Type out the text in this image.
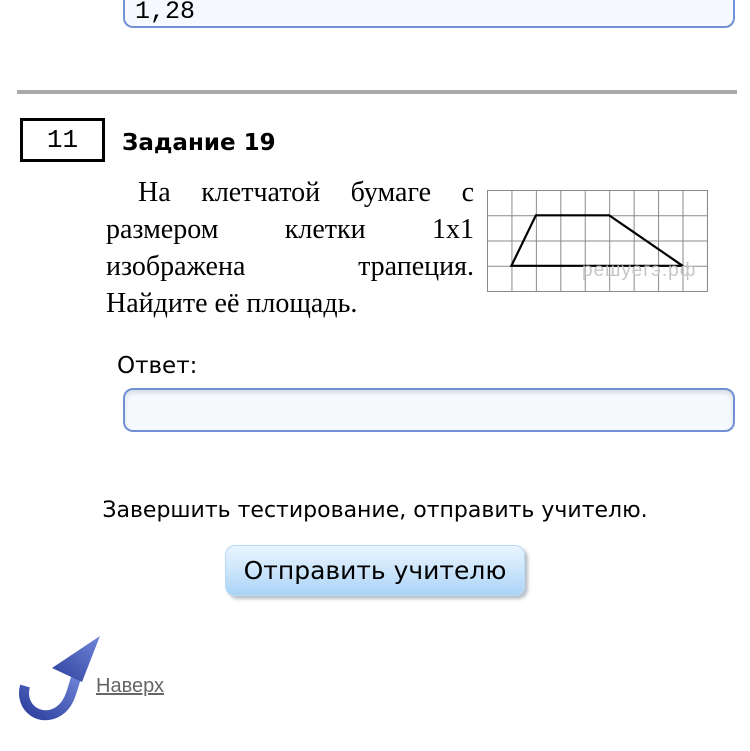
1,28
11 Задание 19
На клетчатой бумаге с размером клетки 1x1 изображена трапеция. Найдите её площадь.
решуегэ.рф
Ответ:
Завершить тестирование, отправить учителю.
Отправить учителю
Наверх
